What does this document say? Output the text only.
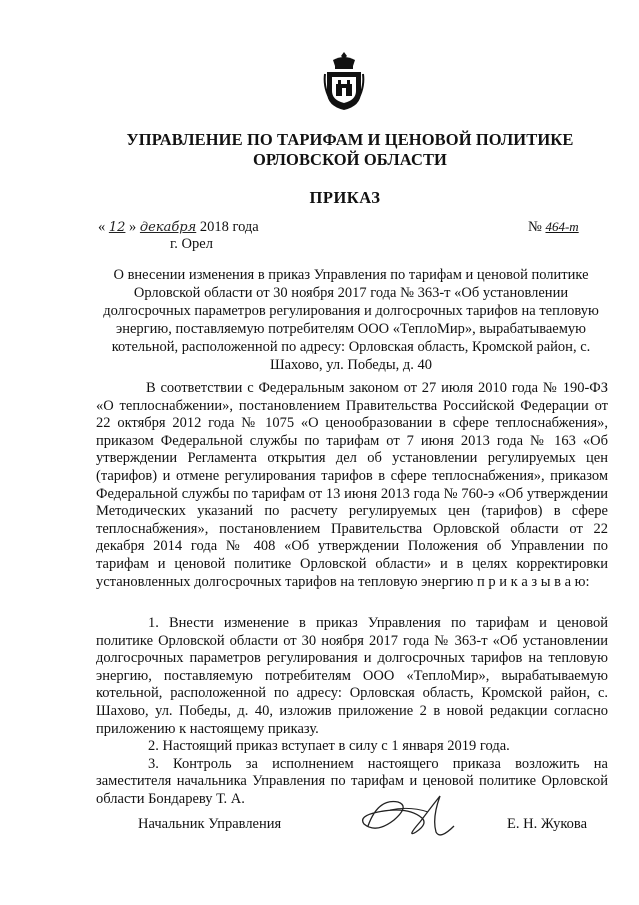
УПРАВЛЕНИЕ ПО ТАРИФАМ И ЦЕНОВОЙ ПОЛИТИКЕ
ОРЛОВСКОЙ ОБЛАСТИ
ПРИКАЗ
« 12 » декабря 2018 года
г. Орел
№ 464-т
О внесении изменения в приказ Управления по тарифам и ценовой политике Орловской области от 30 ноября 2017 года № 363-т «Об установлении долгосрочных параметров регулирования и долгосрочных тарифов на тепловую энергию, поставляемую потребителям ООО «ТеплоМир», вырабатываемую котельной, расположенной по адресу: Орловская область, Кромской район, с. Шахово, ул. Победы, д. 40

В соответствии с Федеральным законом от 27 июля 2010 года № 190-ФЗ «О теплоснабжении», постановлением Правительства Российской Федерации от 22 октября 2012 года № 1075 «О ценообразовании в сфере теплоснабжения», приказом Федеральной службы по тарифам от 7 июня 2013 года № 163 «Об утверждении Регламента открытия дел об установлении регулируемых цен (тарифов) и отмене регулирования тарифов в сфере теплоснабжения», приказом Федеральной службы по тарифам от 13 июня 2013 года № 760-э «Об утверждении Методических указаний по расчету регулируемых цен (тарифов) в сфере теплоснабжения», постановлением Правительства Орловской области от 22 декабря 2014 года № 408 «Об утверждении Положения об Управлении по тарифам и ценовой политике Орловской области» и в целях корректировки установленных долгосрочных тарифов на тепловую энергию п р и к а з ы в а ю:

1. Внести изменение в приказ Управления по тарифам и ценовой политике Орловской области от 30 ноября 2017 года № 363-т «Об установлении долгосрочных параметров регулирования и долгосрочных тарифов на тепловую энергию, поставляемую потребителям ООО «ТеплоМир», вырабатываемую котельной, расположенной по адресу: Орловская область, Кромской район, с. Шахово, ул. Победы, д. 40, изложив приложение 2 в новой редакции согласно приложению к настоящему приказу.

2. Настоящий приказ вступает в силу с 1 января 2019 года.

3. Контроль за исполнением настоящего приказа возложить на заместителя начальника Управления по тарифам и ценовой политике Орловской области Бондареву Т. А.

Начальник Управления	Е. Н. Жукова
